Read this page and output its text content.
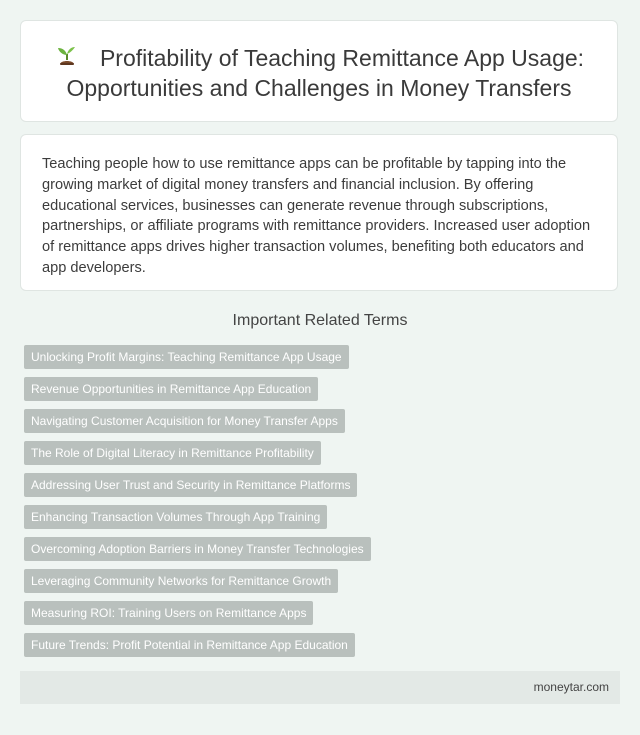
Profitability of Teaching Remittance App Usage: Opportunities and Challenges in Money Transfers

Teaching people how to use remittance apps can be profitable by tapping into the growing market of digital money transfers and financial inclusion. By offering educational services, businesses can generate revenue through subscriptions, partnerships, or affiliate programs with remittance providers. Increased user adoption of remittance apps drives higher transaction volumes, benefiting both educators and app developers.

Important Related Terms
Unlocking Profit Margins: Teaching Remittance App Usage
Revenue Opportunities in Remittance App Education
Navigating Customer Acquisition for Money Transfer Apps
The Role of Digital Literacy in Remittance Profitability
Addressing User Trust and Security in Remittance Platforms
Enhancing Transaction Volumes Through App Training
Overcoming Adoption Barriers in Money Transfer Technologies
Leveraging Community Networks for Remittance Growth
Measuring ROI: Training Users on Remittance Apps
Future Trends: Profit Potential in Remittance App Education
moneytar.com
